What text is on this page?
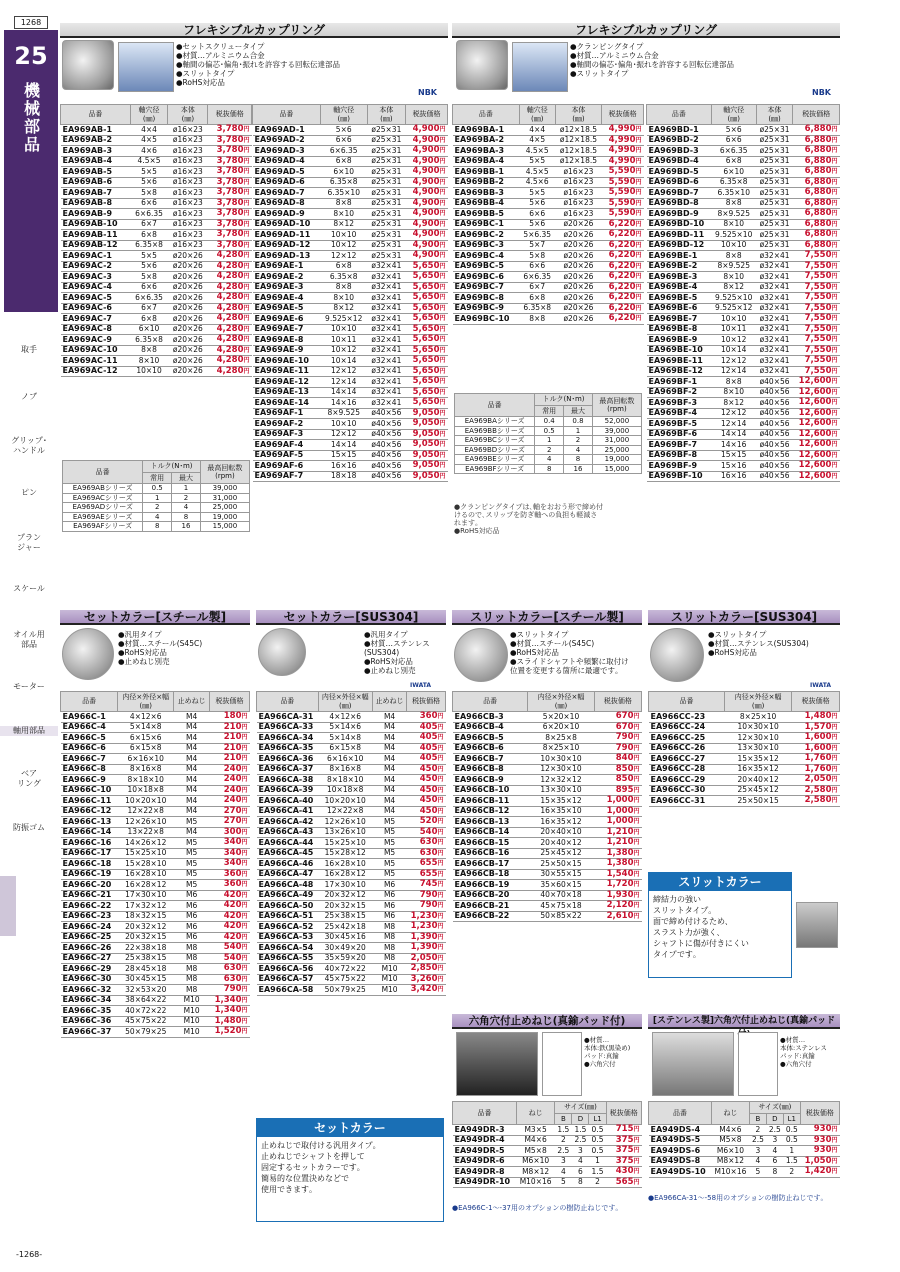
1268
25
機械部品
取手
ノブ
グリップ･
ハンドル
ピン
プラン
ジャー
スケール
オイル用
部品
モーター
軸用部品
ベア
リング
防振ゴム
フレキシブルカップリング
●セットスクリュータイプ
●材質…アルミニウム合金
●軸間の偏芯･偏角･振れを許容する回転伝達部品
●スリットタイプ
●RoHS対応品
NBK
品番	軸穴径
(㎜)	本体
(㎜)	税抜価格
EA969AB-1	4×4	ø16×23	3,780円
EA969AB-2	4×5	ø16×23	3,780円
EA969AB-3	4×6	ø16×23	3,780円
EA969AB-4	4.5×5	ø16×23	3,780円
EA969AB-5	5×5	ø16×23	3,780円
EA969AB-6	5×6	ø16×23	3,780円
EA969AB-7	5×8	ø16×23	3,780円
EA969AB-8	6×6	ø16×23	3,780円
EA969AB-9	6×6.35	ø16×23	3,780円
EA969AB-10	6×7	ø16×23	3,780円
EA969AB-11	6×8	ø16×23	3,780円
EA969AB-12	6.35×8	ø16×23	3,780円
EA969AC-1	5×5	ø20×26	4,280円
EA969AC-2	5×6	ø20×26	4,280円
EA969AC-3	5×8	ø20×26	4,280円
EA969AC-4	6×6	ø20×26	4,280円
EA969AC-5	6×6.35	ø20×26	4,280円
EA969AC-6	6×7	ø20×26	4,280円
EA969AC-7	6×8	ø20×26	4,280円
EA969AC-8	6×10	ø20×26	4,280円
EA969AC-9	6.35×8	ø20×26	4,280円
EA969AC-10	8×8	ø20×26	4,280円
EA969AC-11	8×10	ø20×26	4,280円
EA969AC-12	10×10	ø20×26	4,280円
品番	軸穴径
(㎜)	本体
(㎜)	税抜価格
EA969AD-1	5×6	ø25×31	4,900円
EA969AD-2	6×6	ø25×31	4,900円
EA969AD-3	6×6.35	ø25×31	4,900円
EA969AD-4	6×8	ø25×31	4,900円
EA969AD-5	6×10	ø25×31	4,900円
EA969AD-6	6.35×8	ø25×31	4,900円
EA969AD-7	6.35×10	ø25×31	4,900円
EA969AD-8	8×8	ø25×31	4,900円
EA969AD-9	8×10	ø25×31	4,900円
EA969AD-10	8×12	ø25×31	4,900円
EA969AD-11	10×10	ø25×31	4,900円
EA969AD-12	10×12	ø25×31	4,900円
EA969AD-13	12×12	ø25×31	4,900円
EA969AE-1	6×8	ø32×41	5,650円
EA969AE-2	6.35×8	ø32×41	5,650円
EA969AE-3	8×8	ø32×41	5,650円
EA969AE-4	8×10	ø32×41	5,650円
EA969AE-5	8×12	ø32×41	5,650円
EA969AE-6	9.525×12	ø32×41	5,650円
EA969AE-7	10×10	ø32×41	5,650円
EA969AE-8	10×11	ø32×41	5,650円
EA969AE-9	10×12	ø32×41	5,650円
EA969AE-10	10×14	ø32×41	5,650円
EA969AE-11	12×12	ø32×41	5,650円
EA969AE-12	12×14	ø32×41	5,650円
EA969AE-13	14×14	ø32×41	5,650円
EA969AE-14	14×16	ø32×41	5,650円
EA969AF-1	8×9.525	ø40×56	9,050円
EA969AF-2	10×10	ø40×56	9,050円
EA969AF-3	12×12	ø40×56	9,050円
EA969AF-4	14×14	ø40×56	9,050円
EA969AF-5	15×15	ø40×56	9,050円
EA969AF-6	16×16	ø40×56	9,050円
EA969AF-7	18×18	ø40×56	9,050円
品番	トルク(N･m)		最高回転数
(rpm)
	常用	最大	
EA969ABシリーズ	0.5	1	39,000
EA969ACシリーズ	1	2	31,000
EA969ADシリーズ	2	4	25,000
EA969AEシリーズ	4	8	19,000
EA969AFシリーズ	8	16	15,000
フレキシブルカップリング
●クランピングタイプ
●材質…アルミニウム合金
●軸間の偏芯･偏角･振れを許容する回転伝達部品
●スリットタイプ
NBK
品番	軸穴径
(㎜)	本体
(㎜)	税抜価格
EA969BA-1	4×4	ø12×18.5	4,990円
EA969BA-2	4×5	ø12×18.5	4,990円
EA969BA-3	4.5×5	ø12×18.5	4,990円
EA969BA-4	5×5	ø12×18.5	4,990円
EA969BB-1	4.5×5	ø16×23	5,590円
EA969BB-2	4.5×6	ø16×23	5,590円
EA969BB-3	5×5	ø16×23	5,590円
EA969BB-4	5×6	ø16×23	5,590円
EA969BB-5	6×6	ø16×23	5,590円
EA969BC-1	5×6	ø20×26	6,220円
EA969BC-2	5×6.35	ø20×26	6,220円
EA969BC-3	5×7	ø20×26	6,220円
EA969BC-4	5×8	ø20×26	6,220円
EA969BC-5	6×6	ø20×26	6,220円
EA969BC-6	6×6.35	ø20×26	6,220円
EA969BC-7	6×7	ø20×26	6,220円
EA969BC-8	6×8	ø20×26	6,220円
EA969BC-9	6.35×8	ø20×26	6,220円
EA969BC-10	8×8	ø20×26	6,220円
品番	軸穴径
(㎜)	本体
(㎜)	税抜価格
EA969BD-1	5×6	ø25×31	6,880円
EA969BD-2	6×6	ø25×31	6,880円
EA969BD-3	6×6.35	ø25×31	6,880円
EA969BD-4	6×8	ø25×31	6,880円
EA969BD-5	6×10	ø25×31	6,880円
EA969BD-6	6.35×8	ø25×31	6,880円
EA969BD-7	6.35×10	ø25×31	6,880円
EA969BD-8	8×8	ø25×31	6,880円
EA969BD-9	8×9.525	ø25×31	6,880円
EA969BD-10	8×10	ø25×31	6,880円
EA969BD-11	9.525×10	ø25×31	6,880円
EA969BD-12	10×10	ø25×31	6,880円
EA969BE-1	8×8	ø32×41	7,550円
EA969BE-2	8×9.525	ø32×41	7,550円
EA969BE-3	8×10	ø32×41	7,550円
EA969BE-4	8×12	ø32×41	7,550円
EA969BE-5	9.525×10	ø32×41	7,550円
EA969BE-6	9.525×12	ø32×41	7,550円
EA969BE-7	10×10	ø32×41	7,550円
EA969BE-8	10×11	ø32×41	7,550円
EA969BE-9	10×12	ø32×41	7,550円
EA969BE-10	10×14	ø32×41	7,550円
EA969BE-11	12×12	ø32×41	7,550円
EA969BE-12	12×14	ø32×41	7,550円
EA969BF-1	8×8	ø40×56	12,600円
EA969BF-2	8×10	ø40×56	12,600円
EA969BF-3	8×12	ø40×56	12,600円
EA969BF-4	12×12	ø40×56	12,600円
EA969BF-5	12×14	ø40×56	12,600円
EA969BF-6	14×14	ø40×56	12,600円
EA969BF-7	14×16	ø40×56	12,600円
EA969BF-8	15×15	ø40×56	12,600円
EA969BF-9	15×16	ø40×56	12,600円
EA969BF-10	16×16	ø40×56	12,600円
品番	トルク(N･m)		最高回転数
(rpm)
	常用	最大	
EA969BAシリーズ	0.4	0.8	52,000
EA969BBシリーズ	0.5	1	39,000
EA969BCシリーズ	1	2	31,000
EA969BDシリーズ	2	4	25,000
EA969BEシリーズ	4	8	19,000
EA969BFシリーズ	8	16	15,000
●クランピングタイプは､軸をおおう形で締め付
けるので､スリップを防ぎ軸への負担も軽減さ
れます｡
●RoHS対応品
セットカラー[スチール製]
●汎用タイプ
●材質…スチール(S45C)
●RoHS対応品
●止めねじ別売
品番	内径×外径×幅
(㎜)	止めねじ	税抜価格
EA966C-1	4×12×6	M4	180円
EA966C-4	5×14×8	M4	210円
EA966C-5	6×15×6	M4	210円
EA966C-6	6×15×8	M4	210円
EA966C-7	6×16×10	M4	210円
EA966C-8	8×16×8	M4	240円
EA966C-9	8×18×10	M4	240円
EA966C-10	10×18×8	M4	240円
EA966C-11	10×20×10	M4	240円
EA966C-12	12×22×8	M4	270円
EA966C-13	12×26×10	M5	270円
EA966C-14	13×22×8	M4	300円
EA966C-16	14×26×12	M5	340円
EA966C-17	15×25×10	M5	340円
EA966C-18	15×28×10	M5	340円
EA966C-19	16×28×10	M5	360円
EA966C-20	16×28×12	M5	360円
EA966C-21	17×30×10	M6	420円
EA966C-22	17×32×12	M6	420円
EA966C-23	18×32×15	M6	420円
EA966C-24	20×32×12	M6	420円
EA966C-25	20×32×15	M6	420円
EA966C-26	22×38×18	M8	540円
EA966C-27	25×38×15	M8	540円
EA966C-29	28×45×18	M8	630円
EA966C-30	30×45×15	M8	630円
EA966C-32	32×53×20	M8	790円
EA966C-34	38×64×22	M10	1,340円
EA966C-35	40×72×22	M10	1,340円
EA966C-36	45×75×22	M10	1,480円
EA966C-37	50×79×25	M10	1,520円
セットカラー[SUS304]
●汎用タイプ
●材質…ステンレス
(SUS304)
●RoHS対応品
●止めねじ別売
IWATA
品番	内径×外径×幅
(㎜)	止めねじ	税抜価格
EA966CA-31	4×12×6	M4	360円
EA966CA-33	5×14×6	M4	405円
EA966CA-34	5×14×8	M4	405円
EA966CA-35	6×15×8	M4	405円
EA966CA-36	6×16×10	M4	405円
EA966CA-37	8×16×8	M4	450円
EA966CA-38	8×18×10	M4	450円
EA966CA-39	10×18×8	M4	450円
EA966CA-40	10×20×10	M4	450円
EA966CA-41	12×22×8	M4	450円
EA966CA-42	12×26×10	M5	520円
EA966CA-43	13×26×10	M5	540円
EA966CA-44	15×25×10	M5	630円
EA966CA-45	15×28×12	M5	630円
EA966CA-46	16×28×10	M5	655円
EA966CA-47	16×28×12	M5	655円
EA966CA-48	17×30×10	M6	745円
EA966CA-49	20×32×12	M6	790円
EA966CA-50	20×32×15	M6	790円
EA966CA-51	25×38×15	M6	1,230円
EA966CA-52	25×42×18	M8	1,230円
EA966CA-53	30×45×16	M8	1,390円
EA966CA-54	30×49×20	M8	1,390円
EA966CA-55	35×59×20	M8	2,050円
EA966CA-56	40×72×22	M10	2,850円
EA966CA-57	45×75×22	M10	3,260円
EA966CA-58	50×79×25	M10	3,420円
セットカラー
止めねじで取付ける汎用タイプ｡
止めねじでシャフトを押して
固定するセットカラーです｡
簡易的な位置決めなどで
使用できます｡
スリットカラー[スチール製]
●スリットタイプ
●材質…スチール(S45C)
●RoHS対応品
●スライドシャフトや頻繁に取付け
位置を変更する箇所に最適です｡
品番	内径×外径×幅
(㎜)	税抜価格
EA966CB-3	5×20×10	670円
EA966CB-4	6×20×10	670円
EA966CB-5	8×25×8	790円
EA966CB-6	8×25×10	790円
EA966CB-7	10×30×10	840円
EA966CB-8	12×30×10	850円
EA966CB-9	12×32×12	850円
EA966CB-10	13×30×10	895円
EA966CB-11	15×35×12	1,000円
EA966CB-12	16×35×10	1,000円
EA966CB-13	16×35×12	1,000円
EA966CB-14	20×40×10	1,210円
EA966CB-15	20×40×12	1,210円
EA966CB-16	25×45×12	1,380円
EA966CB-17	25×50×15	1,380円
EA966CB-18	30×55×15	1,540円
EA966CB-19	35×60×15	1,720円
EA966CB-20	40×70×18	1,930円
EA966CB-21	45×75×18	2,120円
EA966CB-22	50×85×22	2,610円
スリットカラー[SUS304]
●スリットタイプ
●材質…ステンレス(SUS304)
●RoHS対応品
IWATA
品番	内径×外径×幅
(㎜)	税抜価格
EA966CC-23	8×25×10	1,480円
EA966CC-24	10×30×10	1,570円
EA966CC-25	12×30×10	1,600円
EA966CC-26	13×30×10	1,600円
EA966CC-27	15×35×12	1,760円
EA966CC-28	16×35×12	1,760円
EA966CC-29	20×40×12	2,050円
EA966CC-30	25×45×12	2,580円
EA966CC-31	25×50×15	2,580円
スリットカラー
締結力の強い
スリットタイプ｡
面で締め付けるため､
スラスト力が強く､
シャフトに傷が付きにくい
タイプです｡
六角穴付止めねじ(真鍮パッド付)
●材質…
本体:鉄(黒染め)
パッド:真鍮
●六角穴付
品番	ねじ	サイズ(㎜)			税抜価格
		B	D	L1	
EA949DR-3	M3×5	1.5	1.5	0.5	715円
EA949DR-4	M4×6	2	2.5	0.5	375円
EA949DR-5	M5×8	2.5	3	0.5	375円
EA949DR-6	M6×10	3	4	1	375円
EA949DR-8	M8×12	4	6	1.5	430円
EA949DR-10	M10×16	5	8	2	565円
●EA966C-1～-37用のオプションの樹防止ねじです｡
[ステンレス製]六角穴付止めねじ(真鍮パッド
●材質…
本体:ステンレス
パッド:真鍮
●六角穴付
品番	ねじ	サイズ(㎜)			税抜価格
		B	D	L1	
EA949DS-4	M4×6	2	2.5	0.5	930円
EA949DS-5	M5×8	2.5	3	0.5	930円
EA949DS-6	M6×10	3	4	1	930円
EA949DS-8	M8×12	4	6	1.5	1,050円
EA949DS-10	M10×16	5	8	2	1,420円
●EA966CA-31～-58用のオプションの樹防止ねじです｡
-1268-
